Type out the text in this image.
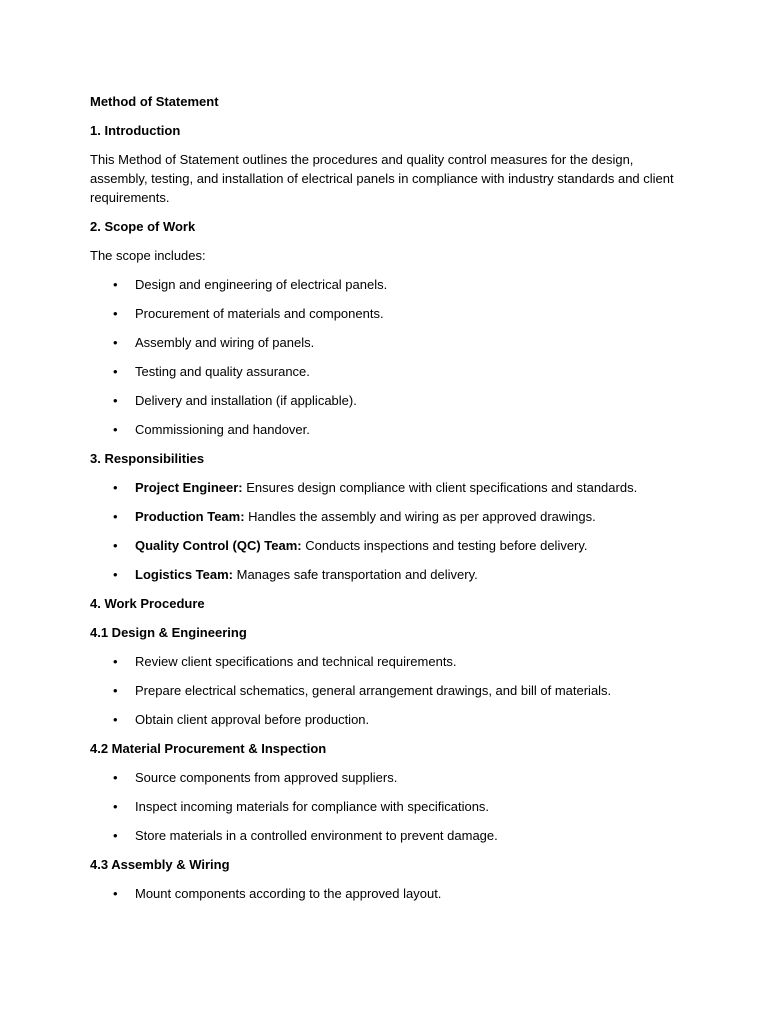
Method of Statement
1. Introduction
This Method of Statement outlines the procedures and quality control measures for the design, assembly, testing, and installation of electrical panels in compliance with industry standards and client requirements.
2. Scope of Work
The scope includes:
• Design and engineering of electrical panels.
• Procurement of materials and components.
• Assembly and wiring of panels.
• Testing and quality assurance.
• Delivery and installation (if applicable).
• Commissioning and handover.
3. Responsibilities
• Project Engineer: Ensures design compliance with client specifications and standards.
• Production Team: Handles the assembly and wiring as per approved drawings.
• Quality Control (QC) Team: Conducts inspections and testing before delivery.
• Logistics Team: Manages safe transportation and delivery.
4. Work Procedure
4.1 Design & Engineering
• Review client specifications and technical requirements.
• Prepare electrical schematics, general arrangement drawings, and bill of materials.
• Obtain client approval before production.
4.2 Material Procurement & Inspection
• Source components from approved suppliers.
• Inspect incoming materials for compliance with specifications.
• Store materials in a controlled environment to prevent damage.
4.3 Assembly & Wiring
• Mount components according to the approved layout.
